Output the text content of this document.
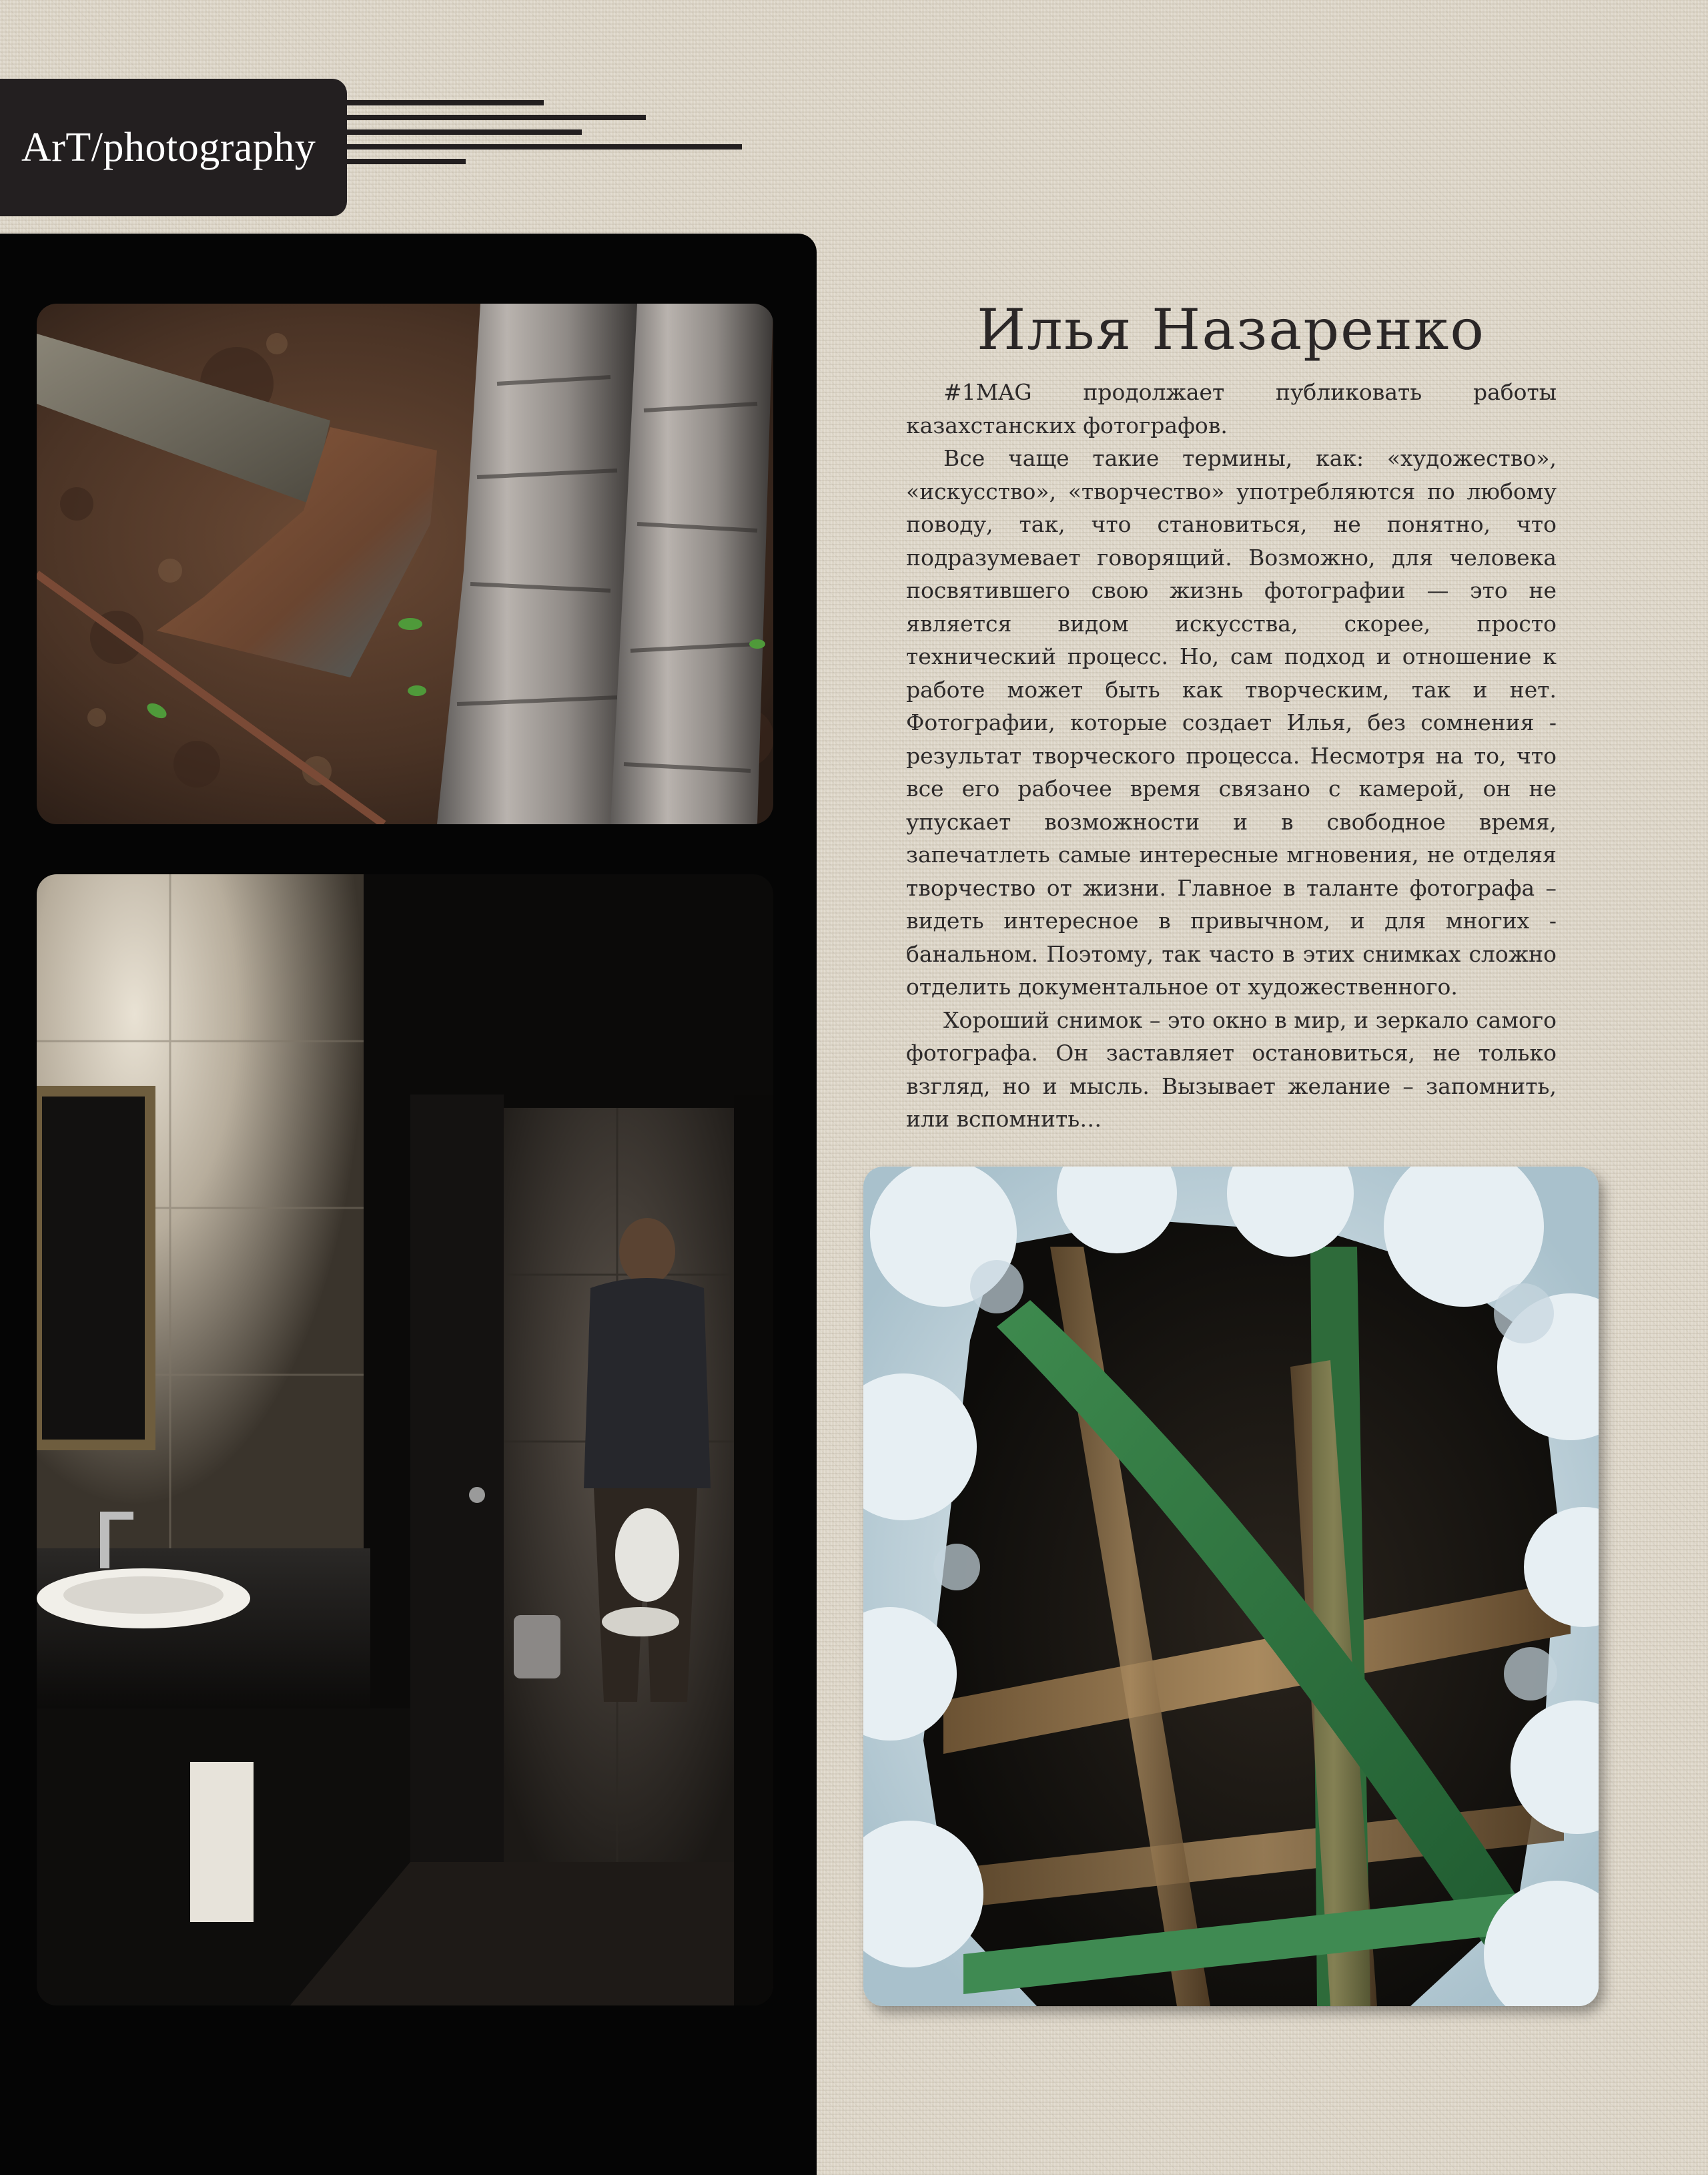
ArT/photography
Илья Назаренко

#1MAG продолжает публиковать работы казахстанских фотографов.

Все чаще такие термины, как: «художество», «искусство», «творчество» употребляются по любому поводу, так, что становиться, не понятно, что подразумевает говорящий. Возможно, для человека посвятившего свою жизнь фотографии — это не является видом искусства, скорее, просто технический процесс. Но, сам подход и отношение к работе может быть как творческим, так и нет. Фотографии, которые создает Илья, без сомнения - результат творческого процесса. Несмотря на то, что все его рабочее время связано с камерой, он не упускает возможности и в свободное время, запечатлеть самые интересные мгновения, не отделяя творчество от жизни. Главное в таланте фотографа – видеть интересное в привычном, и для многих - банальном. Поэтому, так часто в этих снимках сложно отделить документальное от художественного.

Хороший снимок – это окно в мир, и зеркало самого фотографа. Он заставляет остановиться, не только взгляд, но и мысль. Вызывает желание – запомнить, или вспомнить…
